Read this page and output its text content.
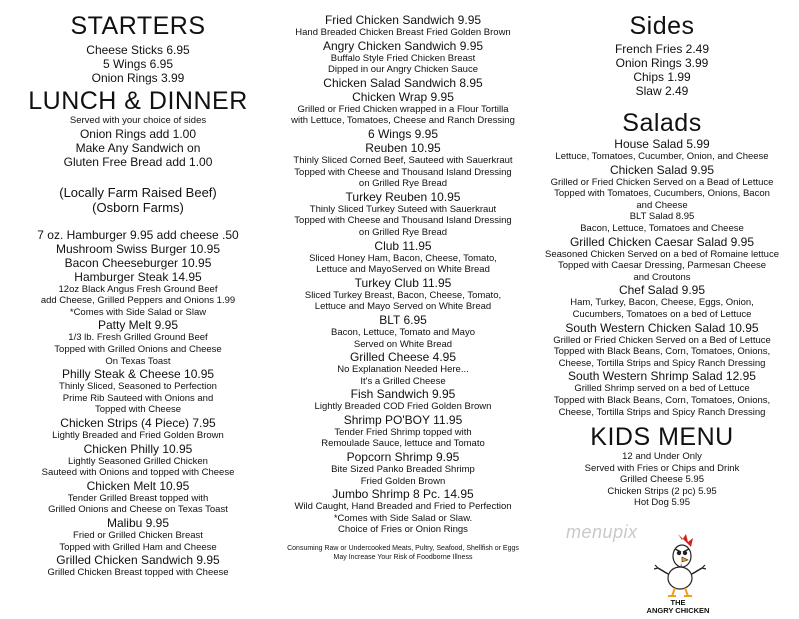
STARTERS
Cheese Sticks 6.95
5 Wings 6.95
Onion Rings 3.99
LUNCH & DINNER
Served with your choice of sides
Onion Rings add 1.00
Make Any Sandwich on
Gluten Free Bread add 1.00
(Locally Farm Raised Beef)
(Osborn Farms)
7 oz. Hamburger 9.95 add cheese .50
Mushroom Swiss Burger 10.95
Bacon Cheeseburger 10.95
Hamburger Steak 14.95
12oz Black Angus Fresh Ground Beef
add Cheese, Grilled Peppers and Onions 1.99
*Comes with Side Salad or Slaw
Patty Melt 9.95
1/3 lb. Fresh Grilled Ground Beef
Topped with Grilled Onions and Cheese
On Texas Toast
Philly Steak & Cheese 10.95
Thinly Sliced, Seasoned to Perfection
Prime Rib Sauteed with Onions and
Topped with Cheese
Chicken Strips (4 Piece) 7.95
Lightly Breaded and Fried Golden Brown
Chicken Philly 10.95
Lightly Seasoned Grilled Chicken
Sauteed with Onions and topped with Cheese
Chicken Melt 10.95
Tender Grilled Breast topped with
Grilled Onions and Cheese on Texas Toast
Malibu 9.95
Fried or Grilled Chicken Breast
Topped with Grilled Ham and Cheese
Grilled Chicken Sandwich 9.95
Grilled Chicken Breast topped with Cheese
Fried Chicken Sandwich 9.95
Hand Breaded Chicken Breast Fried Golden Brown
Angry Chicken Sandwich 9.95
Buffalo Style Fried Chicken Breast
Dipped in our Angry Chicken Sauce
Chicken Salad Sandwich 8.95
Chicken Wrap 9.95
Grilled or Fried Chicken wrapped in a Flour Tortilla
with Lettuce, Tomatoes, Cheese and Ranch Dressing
6 Wings 9.95
Reuben 10.95
Thinly Sliced Corned Beef, Sauteed with Sauerkraut
Topped with Cheese and Thousand Island Dressing
on Grilled Rye Bread
Turkey Reuben 10.95
Thinly Sliced Turkey Suteed with Sauerkraut
Topped with Cheese and Thousand Island Dressing
on Grilled Rye Bread
Club 11.95
Sliced Honey Ham, Bacon, Cheese, Tomato,
Lettuce and MayoServed on White Bread
Turkey Club 11.95
Sliced Turkey Breast, Bacon, Cheese, Tomato,
Lettuce and Mayo Served on White Bread
BLT 6.95
Bacon, Lettuce, Tomato and Mayo
Served on White Bread
Grilled Cheese 4.95
No Explanation Needed Here...
It's a Grilled Cheese
Fish Sandwich 9.95
Lightly Breaded COD Fried Golden Brown
Shrimp PO'BOY 11.95
Tender Fried Shrimp topped with
Remoulade Sauce, lettuce and Tomato
Popcorn Shrimp 9.95
Bite Sized Panko Breaded Shrimp
Fried Golden Brown
Jumbo Shrimp 8 Pc. 14.95
Wild Caught, Hand Breaded and Fried to Perfection
*Comes with Side Salad or Slaw.
Choice of Fries or Onion Rings
Consuming Raw or Undercooked Meats, Pultry, Seafood, Shellfish or Eggs
May Increase Your Risk of Foodborne Illness
Sides
French Fries 2.49
Onion Rings 3.99
Chips 1.99
Slaw 2.49
Salads
House Salad 5.99
Lettuce, Tomatoes, Cucumber, Onion, and Cheese
Chicken Salad 9.95
Grilled or Fried Chicken Served on a Bead of Lettuce
Topped with Tomatoes, Cucumbers, Onions, Bacon
and Cheese
BLT Salad 8.95
Bacon, Lettuce, Tomatoes and Cheese
Grilled Chicken Caesar Salad 9.95
Seasoned Chicken Served on a bed of Romaine lettuce
Topped with Caesar Dressing, Parmesan Cheese
and Croutons
Chef Salad 9.95
Ham, Turkey, Bacon, Cheese, Eggs, Onion,
Cucumbers, Tomatoes on a bed of Lettuce
South Western Chicken Salad 10.95
Grilled or Fried Chicken Served on a Bed of Lettuce
Topped with Black Beans, Corn, Tomatoes, Onions,
Cheese, Tortilla Strips and Spicy Ranch Dressing
South Western Shrimp Salad 12.95
Grilled Shrimp served on a bed of Lettuce
Topped with Black Beans, Corn, Tomatoes, Onions,
Cheese, Tortilla Strips and Spicy Ranch Dressing
KIDS MENU
12 and Under Only
Served with Fries or Chips and Drink
Grilled Cheese 5.95
Chicken Strips (2 pc) 5.95
Hot Dog 5.95
menupix
THE
ANGRY CHICKEN
